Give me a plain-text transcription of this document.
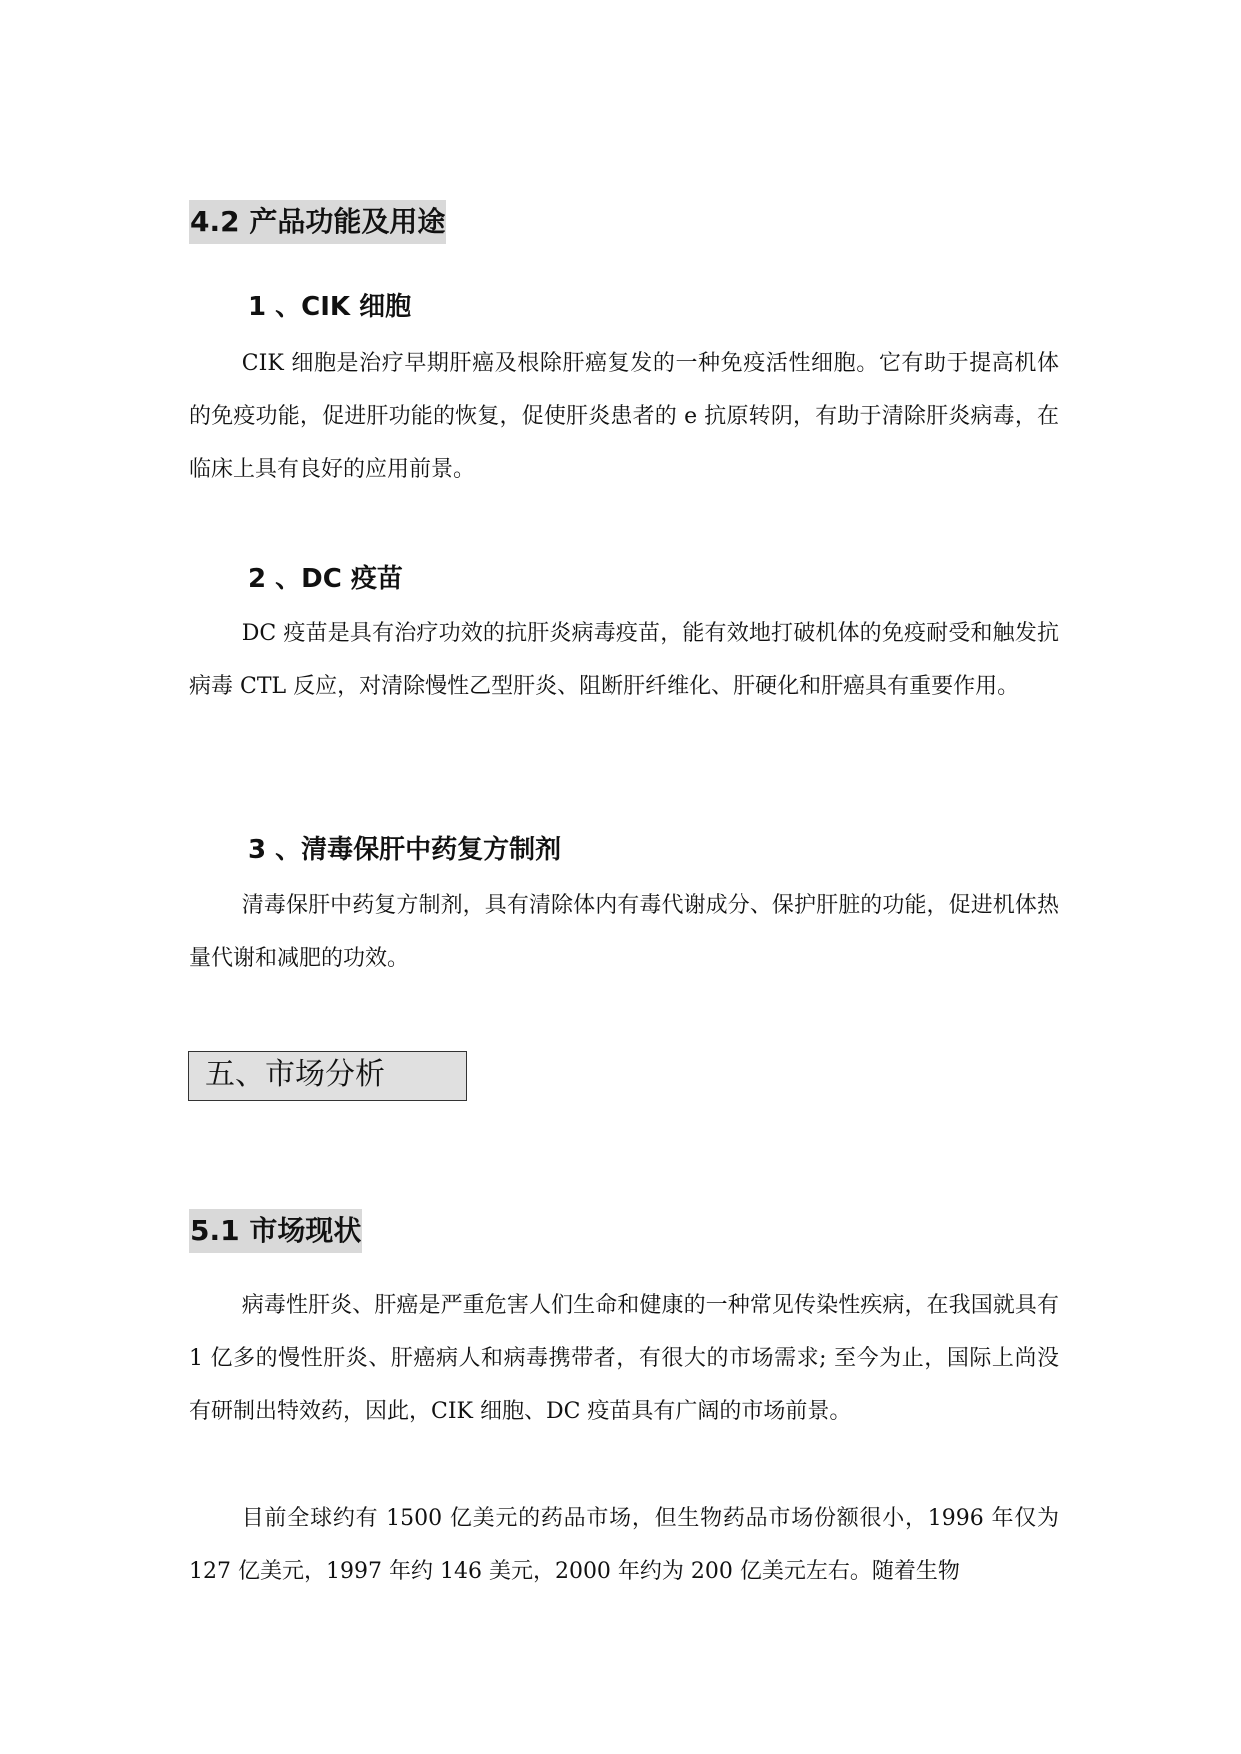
4.2 产品功能及用途
1 、CIK 细胞

CIK 细胞是治疗早期肝癌及根除肝癌复发的一种免疫活性细胞。它有助于提高机体的免疫功能，促进肝功能的恢复，促使肝炎患者的 e 抗原转阴，有助于清除肝炎病毒，在临床上具有良好的应用前景。

2 、DC 疫苗

DC 疫苗是具有治疗功效的抗肝炎病毒疫苗，能有效地打破机体的免疫耐受和触发抗病毒 CTL 反应，对清除慢性乙型肝炎、阻断肝纤维化、肝硬化和肝癌具有重要作用。

3 、清毒保肝中药复方制剂

清毒保肝中药复方制剂，具有清除体内有毒代谢成分、保护肝脏的功能，促进机体热量代谢和减肥的功效。

五、市场分析
5.1 市场现状

病毒性肝炎、肝癌是严重危害人们生命和健康的一种常见传染性疾病，在我国就具有 1 亿多的慢性肝炎、肝癌病人和病毒携带者，有很大的市场需求; 至今为止，国际上尚没有研制出特效药，因此，CIK 细胞、DC 疫苗具有广阔的市场前景。

目前全球约有 1500 亿美元的药品市场，但生物药品市场份额很小，1996 年仅为 127 亿美元，1997 年约 146 美元，2000 年约为 200 亿美元左右。随着生物
